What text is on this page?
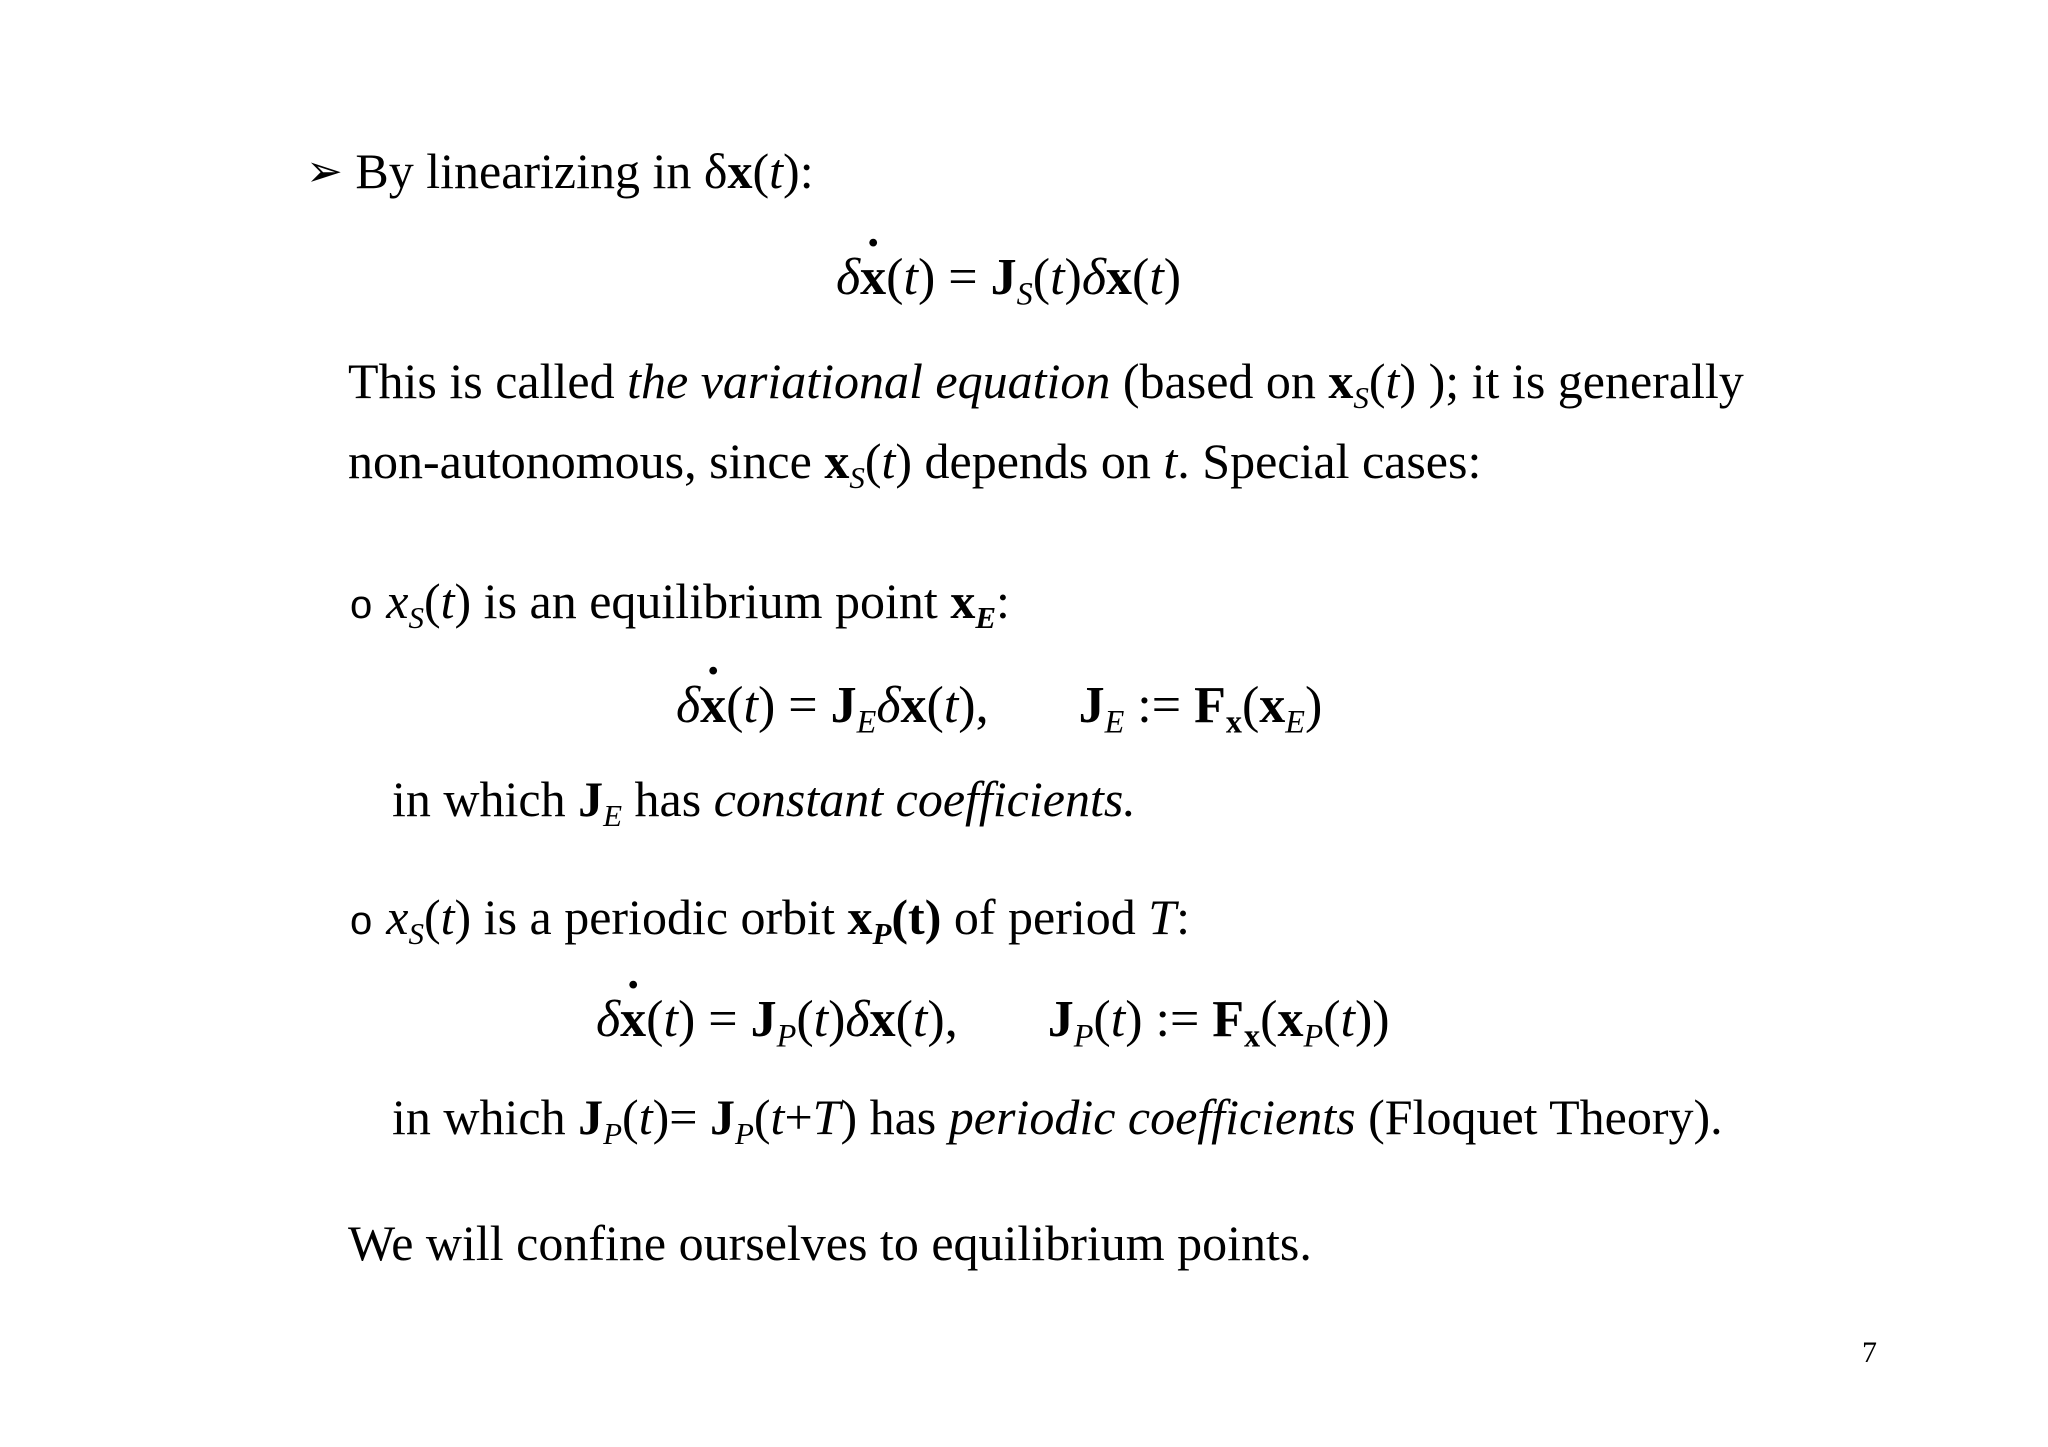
➢ By linearizing in δx(t):
δx ˙(t) = $J_S(t)\delta x(t)$
This is called the variational equation (based on $x_S(t)$ ); it is generally
non-autonomous, since $x_S(t)$ depends on t. Special cases:
o $x_S(t)$ is an equilibrium point xE:
δx ˙(t) = $J_E\delta x(t)$, $J_E$ := $Fx(x_E)$
in which $J_E$ has constant coefficients.
o $x_S(t)$ is a periodic orbit xP(t) of period T:
δx ˙(t) = $J_P(t)\delta x(t)$, $J_P(t)$ := $Fx(x_P(t))$
in which $J_P(t)= J_P(t+T)$ has periodic coefficients (Floquet Theory).
We will confine ourselves to equilibrium points.
7
